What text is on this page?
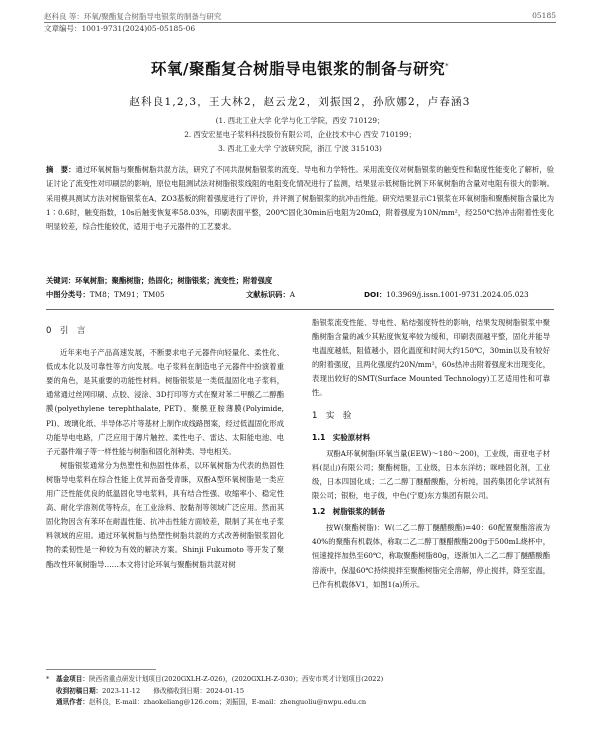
赵科良 等：环氧/聚酯复合树脂导电银浆的制备与研究	05185
文章编号：1001-9731(2024)05-05185-06
环氧/聚酯复合树脂导电银浆的制备与研究*
赵科良1,2,3，王大林2，赵云龙2，刘振国2，孙欣娜2，卢春涵3
(1. 西北工业大学 化学与化工学院，西安 710129；
2. 西安宏星电子浆料科技股份有限公司，企业技术中心 西安 710199；
3. 西北工业大学 宁波研究院，浙江 宁波 315103)
摘　要：通过环氧树脂与聚酯树脂共混方法，研究了不同共混树脂银浆的流变、导电和力学特性。采用流变仪对树脂银浆的触变性和黏度性能变化了解析，验证讨论了流变性对印刷层的影响，原位电阻测试法对树脂银浆线阻的电阻变化情况进行了监测，结果显示低树脂比例下环氧树脂的含量对电阻有很大的影响。采用模具测试方法对树脂银浆在A、ZO3基板的附着强度进行了评价，并评测了树脂银浆的抗冲击性能。研究结果显示C1银浆在环氧树脂和聚酯树脂含量比为1∶0.6时，触变指数，10s后触变恢复率58.03%，印刷表面平整，200℃固化30min后电阻为20mΩ，附着强度为10N/mm²，经250℃热冲击附着性变化明显较差，综合性能较优，适用于电子元器件的工艺要求。
关键词：环氧树脂；聚酯树脂；热固化；树脂银浆；流变性；附着强度
中图分类号：TM8；TM91；TM05	文献标识码：A	DOI：10.3969/j.issn.1001-9731.2024.05.023
0　引　言

近年来电子产品高速发展，不断要求电子元器件向轻量化、柔性化、低成本化以及可靠性等方向发展。电子浆料在制造电子元器件中扮演着重要的角色，是其重要的功能性材料。树脂银浆是一类低温固化电子浆料，通常通过丝网印刷、点胶、浸涂、3D打印等方式在聚对苯二甲酸乙二醇酯膜(polyethylene terephthalate, PET)、聚酰亚胺薄膜(Polyimide, PI)、玻璃化纸、半导体芯片等基材上制作成线路图案，经过低温固化形成功能导电电路，广泛应用于薄片触控、柔性电子、雷达、太阳能电池、电子元器件端子等一样性能与树脂和固化剂种类、导电相关。

树脂银浆通常分为热塑性和热固性体系，以环氧树脂为代表的热固性树脂导电浆料在综合性能上优异而备受青睐，双酚A型环氧树脂是一类应用广泛性能优良的低温固化导电浆料，具有结合性强、收缩率小、稳定性高、耐化学溶剂优等特点，在工业涂料、胶黏剂等领域广泛应用。然而其固化物因含有苯环在耐温性能、抗冲击性能方面较差，限制了其在电子浆料领域的应用。通过环氧树脂与热塑性树脂共混的方式改善树脂银浆固化物的柔韧性是一种较为有效的解决方案。Shinji Fukumoto 等开发了聚酯改性环氧树脂导……本文将讨论环氧与聚酯树脂共混对树

脂银浆流变性能、导电性、粘结强度特性的影响，结果发现树脂银浆中聚酯树脂含量的减少其粘度恢复率较为缓和，印刷表面越平整，固化并能导电温度越低，阻值越小，固化温度和时间大约150℃，30min以及有较好的附着强度，且两化强度约20N/mm²，60s热冲击附着强度未出现变化，表现出较好的SMT(Surface Mounted Technology)工艺适用性和可靠性。

1　实　验
1.1　实验原材料

双酚A环氧树脂(环氧当量(EEW)～180～200)，工业级，南亚电子材料(昆山)有限公司；聚酯树脂，工业级，日本东洋纺；咪唑固化剂，工业级，日本四国化成；二乙二醇丁醚醋酸酯，分析纯，国药集团化学试剂有限公司；银粉，电子级，中色(宁夏)东方集团有限公司。

1.2　树脂银浆的制备

按W(聚酯树脂)：W(二乙二醇丁醚醋酸酯)=40：60配置聚酯溶液为40%的聚酯有机载体，称取二乙二醇丁醚醋酸酯200g于500mL烧杯中，恒速搅拌加热至60℃，称取聚酯树脂80g，逐渐加入二乙二醇丁醚醋酸酯溶液中，保温60℃持续搅拌至聚酯树脂完全溶解，停止搅拌，降至室温，已作有机载体V1，如图1(a)所示。

* 基金项目：陕西省重点研发计划项目(2020GXLH-Z-026)，(2020GXLH-Z-030)；西安市英才计划项目(2022)
收到初稿日期：2023-11-12　　修改稿收到日期：2024-01-15
通讯作者：赵科良，E-mail：zhaokeliang@126.com；刘振国，E-mail：zhenguoliu@nwpu.edu.cn
